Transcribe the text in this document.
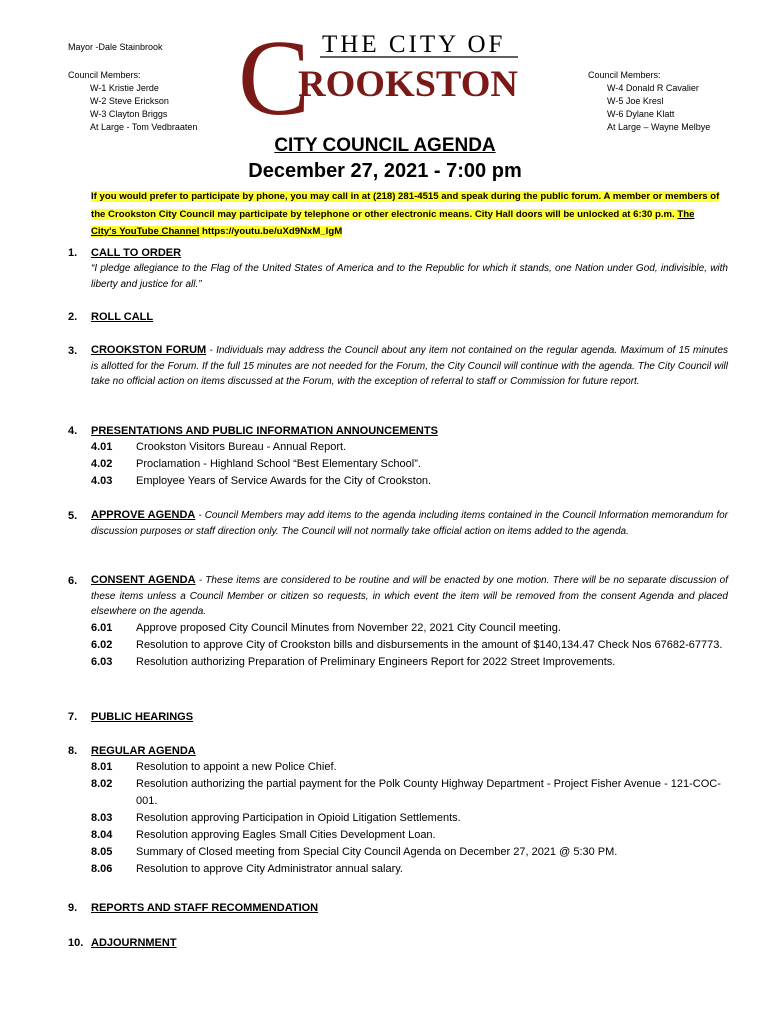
Mayor -Dale Stainbrook
Council Members:
W-1 Kristie Jerde
W-2 Steve Erickson
W-3 Clayton Briggs
At Large - Tom Vedbraaten
Council Members:
W-4 Donald R Cavalier
W-5 Joe Kresl
W-6 Dylane Klatt
At Large – Wayne Melbye
C THE CITY OF
ROOKSTON
CITY COUNCIL AGENDA
December 27, 2021 - 7:00 pm
If you would prefer to participate by phone, you may call in at (218) 281-4515 and speak during the public forum. A member or members of the Crookston City Council may participate by telephone or other electronic means. City Hall doors will be unlocked at 6:30 p.m. The City's YouTube Channel https://youtu.be/uXd9NxM_lgM
1. CALL TO ORDER
“I pledge allegiance to the Flag of the United States of America and to the Republic for which it stands, one Nation under God, indivisible, with liberty and justice for all.”
2. ROLL CALL
3. CROOKSTON FORUM - Individuals may address the Council about any item not contained on the regular agenda. Maximum of 15 minutes is allotted for the Forum. If the full 15 minutes are not needed for the Forum, the City Council will continue with the agenda. The City Council will take no official action on items discussed at the Forum, with the exception of referral to staff or Commission for future report.
4. PRESENTATIONS AND PUBLIC INFORMATION ANNOUNCEMENTS
4.01 Crookston Visitors Bureau - Annual Report.
4.02 Proclamation - Highland School “Best Elementary School”.
4.03 Employee Years of Service Awards for the City of Crookston.
5. APPROVE AGENDA - Council Members may add items to the agenda including items contained in the Council Information memorandum for discussion purposes or staff direction only. The Council will not normally take official action on items added to the agenda.
6. CONSENT AGENDA - These items are considered to be routine and will be enacted by one motion. There will be no separate discussion of these items unless a Council Member or citizen so requests, in which event the item will be removed from the consent Agenda and placed elsewhere on the agenda.
6.01 Approve proposed City Council Minutes from November 22, 2021 City Council meeting.
6.02 Resolution to approve City of Crookston bills and disbursements in the amount of $140,134.47 Check Nos 67682-67773.
6.03 Resolution authorizing Preparation of Preliminary Engineers Report for 2022 Street Improvements.
7. PUBLIC HEARINGS
8. REGULAR AGENDA
8.01 Resolution to appoint a new Police Chief.
8.02 Resolution authorizing the partial payment for the Polk County Highway Department - Project Fisher Avenue - 121-COC-001.
8.03 Resolution approving Participation in Opioid Litigation Settlements.
8.04 Resolution approving Eagles Small Cities Development Loan.
8.05 Summary of Closed meeting from Special City Council Agenda on December 27, 2021 @ 5:30 PM.
8.06 Resolution to approve City Administrator annual salary.
9. REPORTS AND STAFF RECOMMENDATION
10. ADJOURNMENT
